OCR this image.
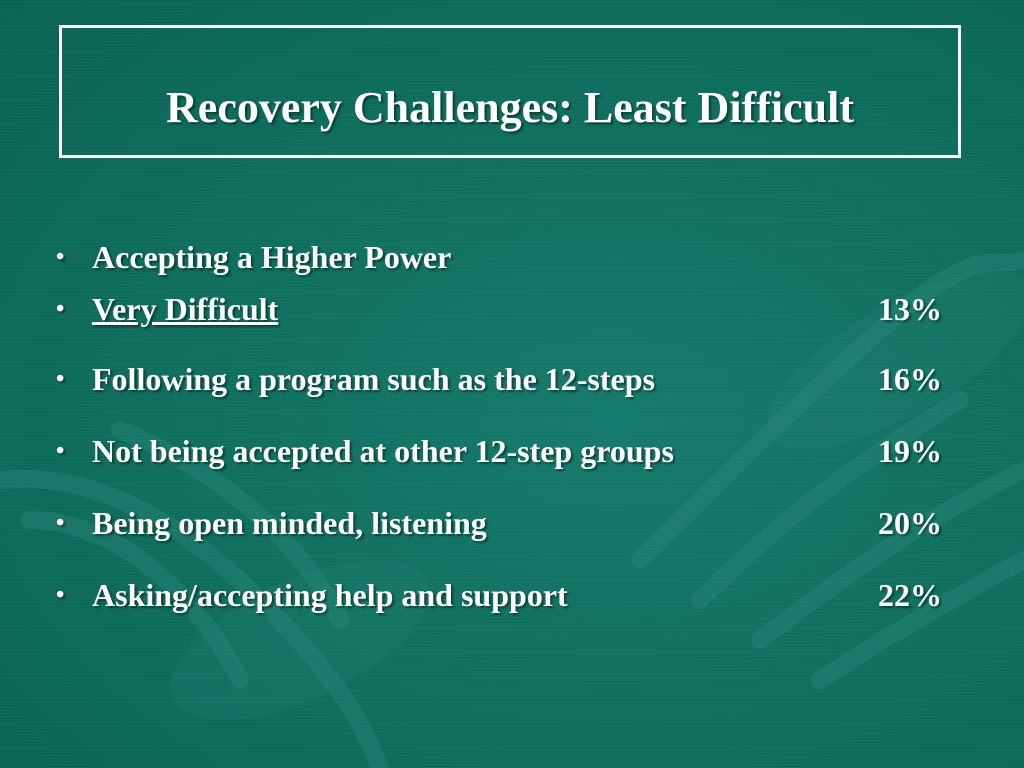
Recovery Challenges: Least Difficult
• Accepting a Higher Power
• Very Difficult	13%
• Following a program such as the 12-steps	16%
• Not being accepted at other 12-step groups	19%
• Being open minded, listening	20%
• Asking/accepting help and support	22%
